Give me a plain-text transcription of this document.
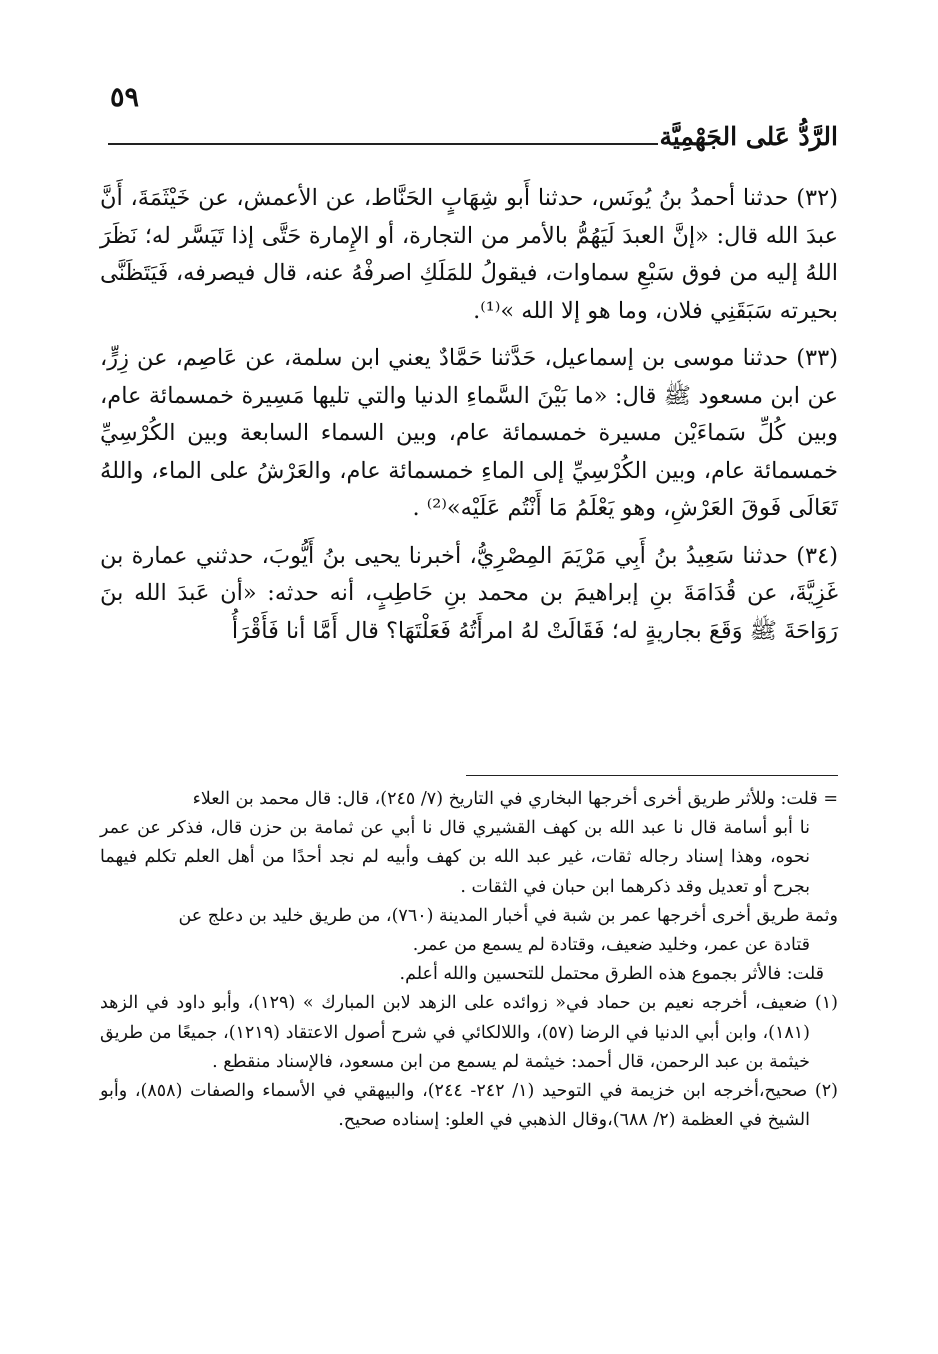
٥٩
الرَّدُّ عَلى الجَهْمِيَّة

(٣٢) حدثنا أحمدُ بنُ يُونَس، حدثنا أَبو شِهَابٍ الحَنَّاط، عن الأعمش، عن خَيْثَمَةَ، أَنَّ عبدَ الله قال: «إنَّ العبدَ لَيَهُمُّ بالأمر من التجارة، أو الإِمارة حَتَّى إذا تَيَسَّر له؛ نَظَرَ اللهُ إليه من فوق سَبْعِ سماوات، فيقولُ للمَلَكِ اصرفْهُ عنه، قال فيصرفه، فَيَتَظَنَّى بحيرته سَبَقَنِي فلان، وما هو إلا الله »⁽¹⁾.

(٣٣) حدثنا موسى بن إسماعيل، حَدَّثنا حَمَّادٌ يعني ابن سلمة، عن عَاصِم، عن زِرٍّ، عن ابن مسعود ﷺ قال: «ما بَيْنَ السَّماءِ الدنيا والتي تليها مَسِيرة خمسمائة عام، وبين كُلِّ سَماءَيْن مسيرة خمسمائة عام، وبين السماء السابعة وبين الكُرْسِيِّ خمسمائة عام، وبين الكُرْسِيِّ إلى الماءِ خمسمائة عام، والعَرْشُ على الماء، واللهُ تَعَالَى فَوقَ العَرْشِ، وهو يَعْلَمُ مَا أَنْتُم عَلَيْه»⁽²⁾ .

(٣٤) حدثنا سَعِيدُ بنُ أَبِي مَرْيَمَ المِصْرِيُّ، أخبرنا يحيى بنُ أَيُّوبَ، حدثني عمارة بن غَزِيَّةَ، عن قُدَامَةَ بنِ إبراهيمَ بن محمد بنِ حَاطِبٍ، أنه حدثه: «أن عَبدَ الله بنَ رَوَاحَةَ ﷺ وَقَعَ بجاريةٍ له؛ فَقَالَتْ لهُ امرأَتُهُ فَعَلْتَهَا؟ قال أَمَّا أنا فَأَقْرَأُ

= قلت: وللأثر طريق أخرى أخرجها البخاري في التاريخ (٧/ ٢٤٥)، قال: قال محمد بن العلاء

نا أبو أسامة قال نا عبد الله بن كهف القشيري قال نا أبي عن ثمامة بن حزن قال، فذكر عن عمر نحوه، وهذا إسناد رجاله ثقات، غير عبد الله بن كهف وأبيه لم نجد أحدًا من أهل العلم تكلم فيهما بجرح أو تعديل وقد ذكرهما ابن حبان في الثقات .

وثمة طريق أخرى أخرجها عمر بن شبة في أخبار المدينة (٧٦٠)، من طريق خليد بن دعلج عن

قتادة عن عمر، وخليد ضعيف، وقتادة لم يسمع من عمر.

قلت: فالأثر بجموع هذه الطرق محتمل للتحسين والله أعلم.

(١) ضعيف، أخرجه نعيم بن حماد في« زوائده على الزهد لابن المبارك » (١٢٩)، وأبو داود في الزهد (١٨١)، وابن أبي الدنيا في الرضا (٥٧)، واللالكائي في شرح أصول الاعتقاد (١٢١٩)، جميعًا من طريق خيثمة بن عبد الرحمن، قال أحمد: خيثمة لم يسمع من ابن مسعود، فالإسناد منقطع .

(٢) صحيح،أخرجه ابن خزيمة في التوحيد (١/ ٢٤٢- ٢٤٤)، والبيهقي في الأسماء والصفات (٨٥٨)، وأبو الشيخ في العظمة (٢/ ٦٨٨)،وقال الذهبي في العلو: إسناده صحيح.
